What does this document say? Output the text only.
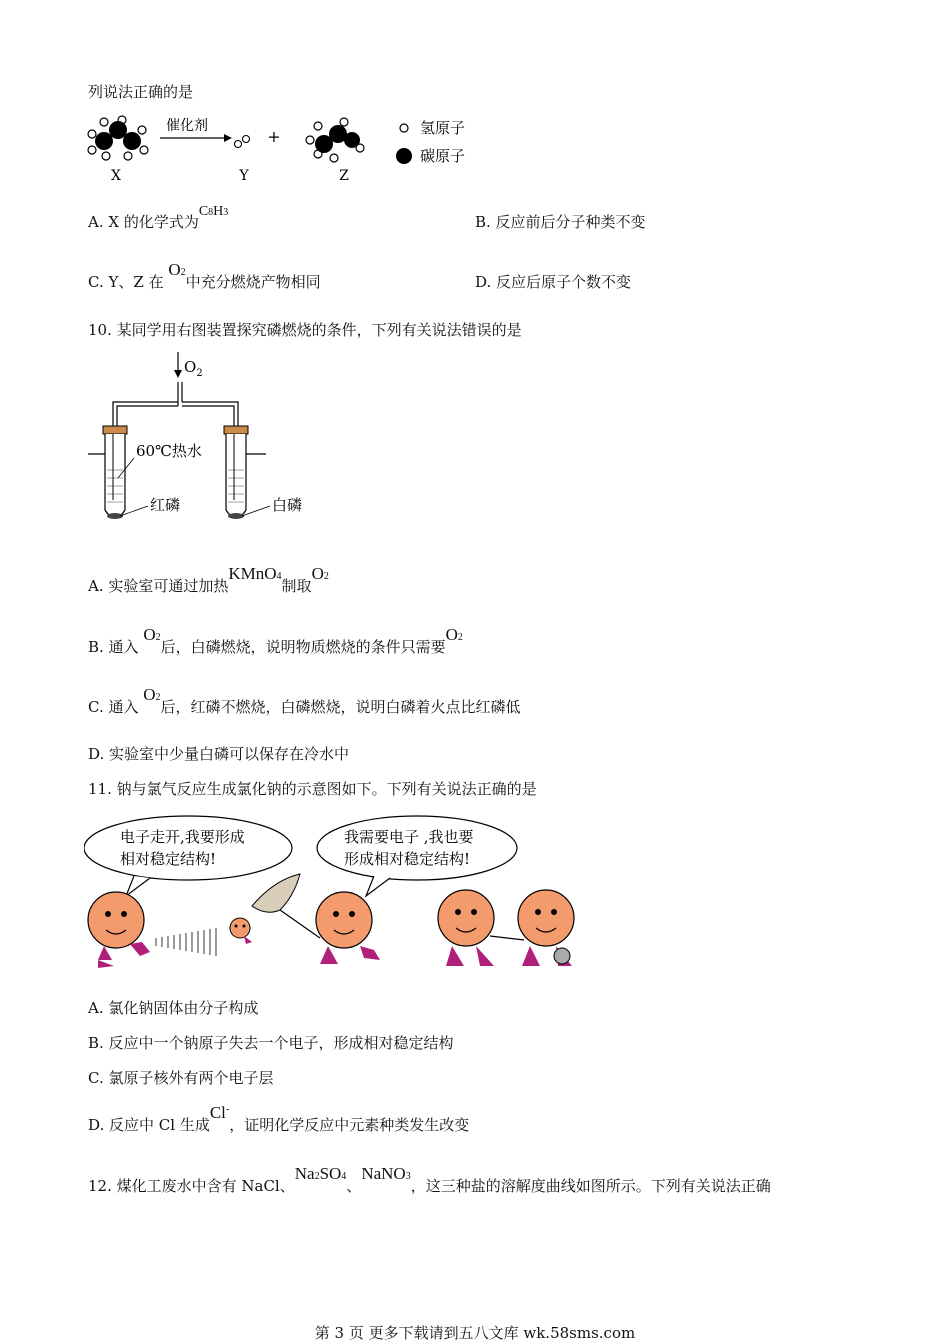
列说法正确的是
X
催化剂
Y
+
Z
氢原子
碳原子
A. X 的化学式为C8H3
B. 反应前后分子种类不变
C. Y、Z 在 O2中充分燃烧产物相同	D. 反应后原子个数不变
10. 某同学用右图装置探究磷燃烧的条件，下列有关说法错误的是
$O_2$
60℃热水
红磷	白磷
A. 实验室可通过加热KMnO4制取O2
B. 通入 O2后，白磷燃烧，说明物质燃烧的条件只需要O2
C. 通入 O2后，红磷不燃烧，白磷燃烧，说明白磷着火点比红磷低
D. 实验室中少量白磷可以保存在冷水中
11. 钠与氯气反应生成氯化钠的示意图如下。下列有关说法正确的是
电子走开,我要形成
相对稳定结构!
我需要电子 ,我也要
形成相对稳定结构!
A. 氯化钠固体由分子构成
B. 反应中一个钠原子失去一个电子，形成相对稳定结构
C. 氯原子核外有两个电子层
D. 反应中 Cl 生成Cl-，证明化学反应中元素种类发生改变
12. 煤化工废水中含有 NaCl、Na2SO4、NaNO3，这三种盐的溶解度曲线如图所示。下列有关说法正确
第 3 页 更多下载请到五八文库 wk.58sms.com
